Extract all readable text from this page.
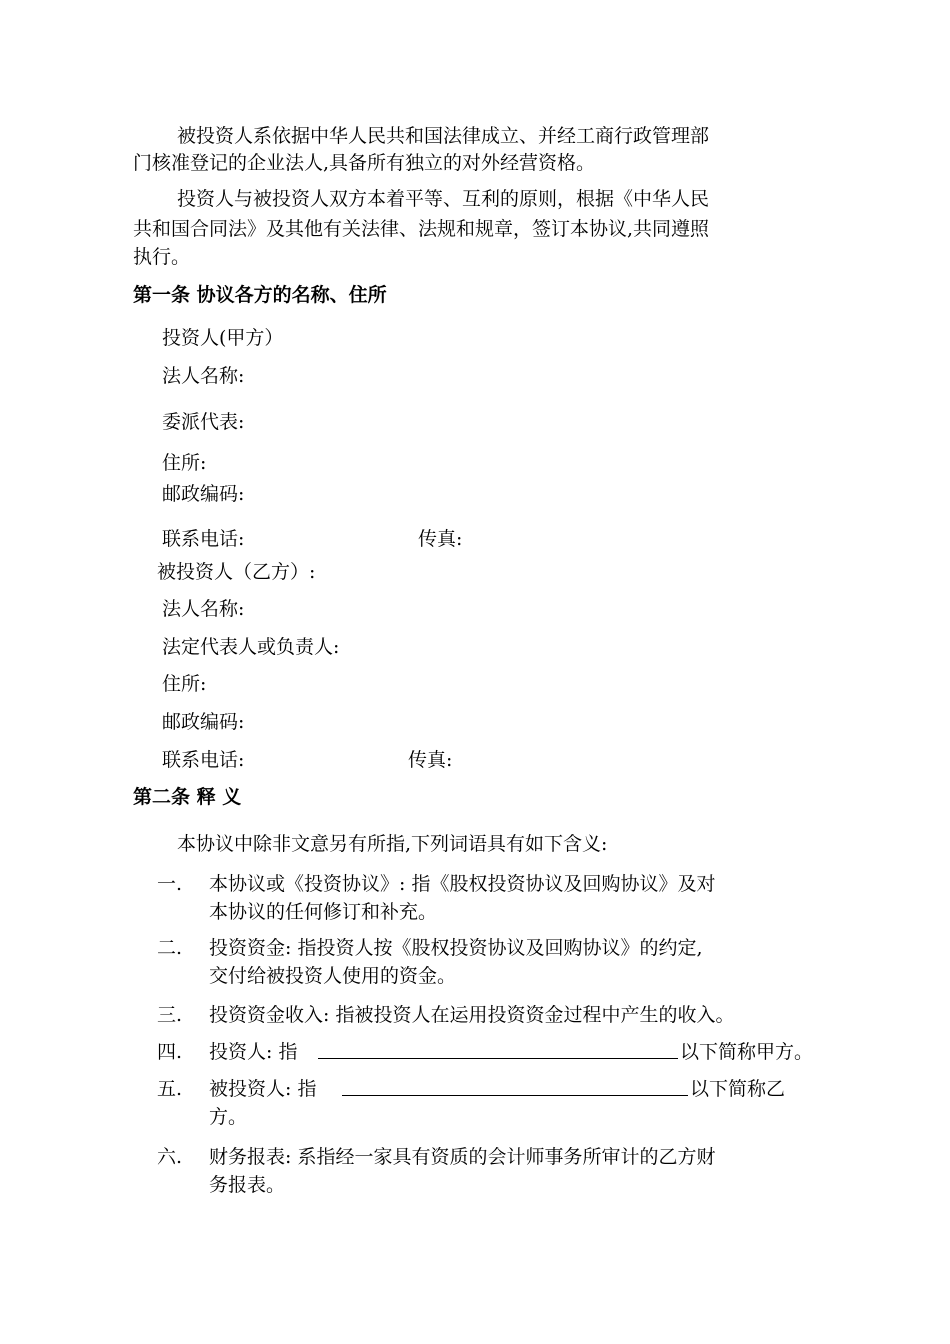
被投资人系依据中华人民共和国法律成立、并经工商行政管理部
门核准登记的企业法人,具备所有独立的对外经营资格。
投资人与被投资人双方本着平等、互利的原则，根据《中华人民
共和国合同法》及其他有关法律、法规和规章，签订本协议,共同遵照
执行。
第一条 协议各方的名称、住所
投资人(甲方）
法人名称:
委派代表:
住所:
邮政编码:
联系电话:	传真:
被投资人（乙方）:
法人名称:
法定代表人或负责人:
住所:
邮政编码:
联系电话:	传真:
第二条 释 义
本协议中除非文意另有所指,下列词语具有如下含义:
一. 本协议或《投资协议》: 指《股权投资协议及回购协议》及对
本协议的任何修订和补充。
二. 投资资金: 指投资人按《股权投资协议及回购协议》的约定,
交付给被投资人使用的资金。
三. 投资资金收入: 指被投资人在运用投资资金过程中产生的收入。
四. 投资人: 指	以下简称甲方。
五. 被投资人: 指	以下简称乙
方。
六. 财务报表: 系指经一家具有资质的会计师事务所审计的乙方财
务报表。
